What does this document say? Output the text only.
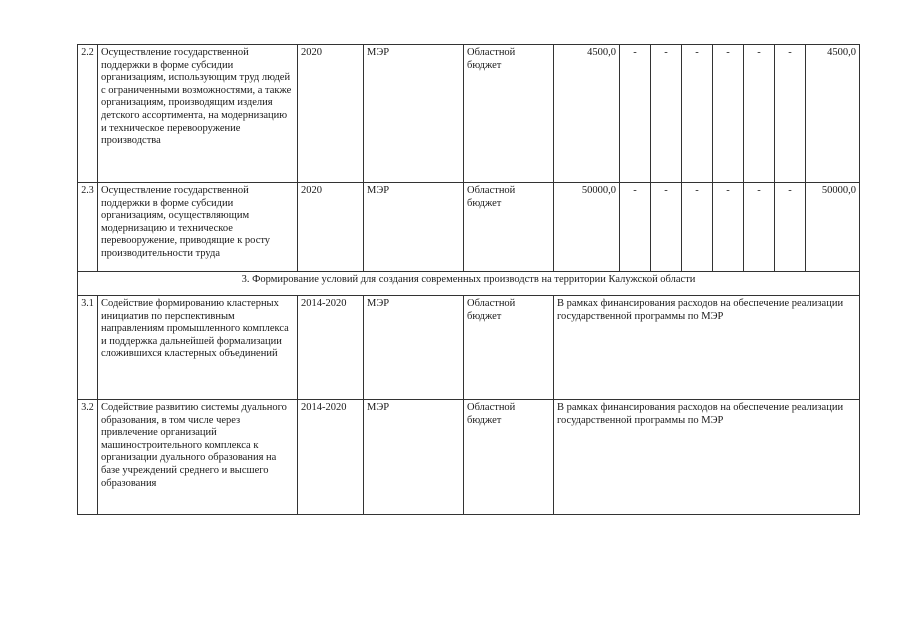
2.2	Осуществление государственной поддержки в форме субсидии организациям, использующим труд людей с ограниченными возможностями, а также организациям, производящим изделия детского ассортимента, на модернизацию и техническое перевооружение производства	2020	МЭР	Областной бюджет	4500,0	-	-	-	-	-	-	4500,0
2.3	Осуществление государственной поддержки в форме субсидии организациям, осуществляющим модернизацию и техническое перевооружение, приводящие к росту производительности труда	2020	МЭР	Областной бюджет	50000,0	-	-	-	-	-	-	50000,0
3. Формирование условий для создания современных производств на территории Калужской области												
3.1	Содействие формированию кластерных инициатив по перспективным направлениям промышленного комплекса и поддержка дальнейшей формализации сложившихся кластерных объединений	2014-2020	МЭР	Областной бюджет	В рамках финансирования расходов на обеспечение реализации государственной программы по МЭР							
3.2	Содействие развитию системы дуального образования, в том числе через привлечение организаций машиностроительного комплекса к организации дуального образования на базе учреждений среднего и высшего образования	2014-2020	МЭР	Областной бюджет	В рамках финансирования расходов на обеспечение реализации государственной программы по МЭР							
